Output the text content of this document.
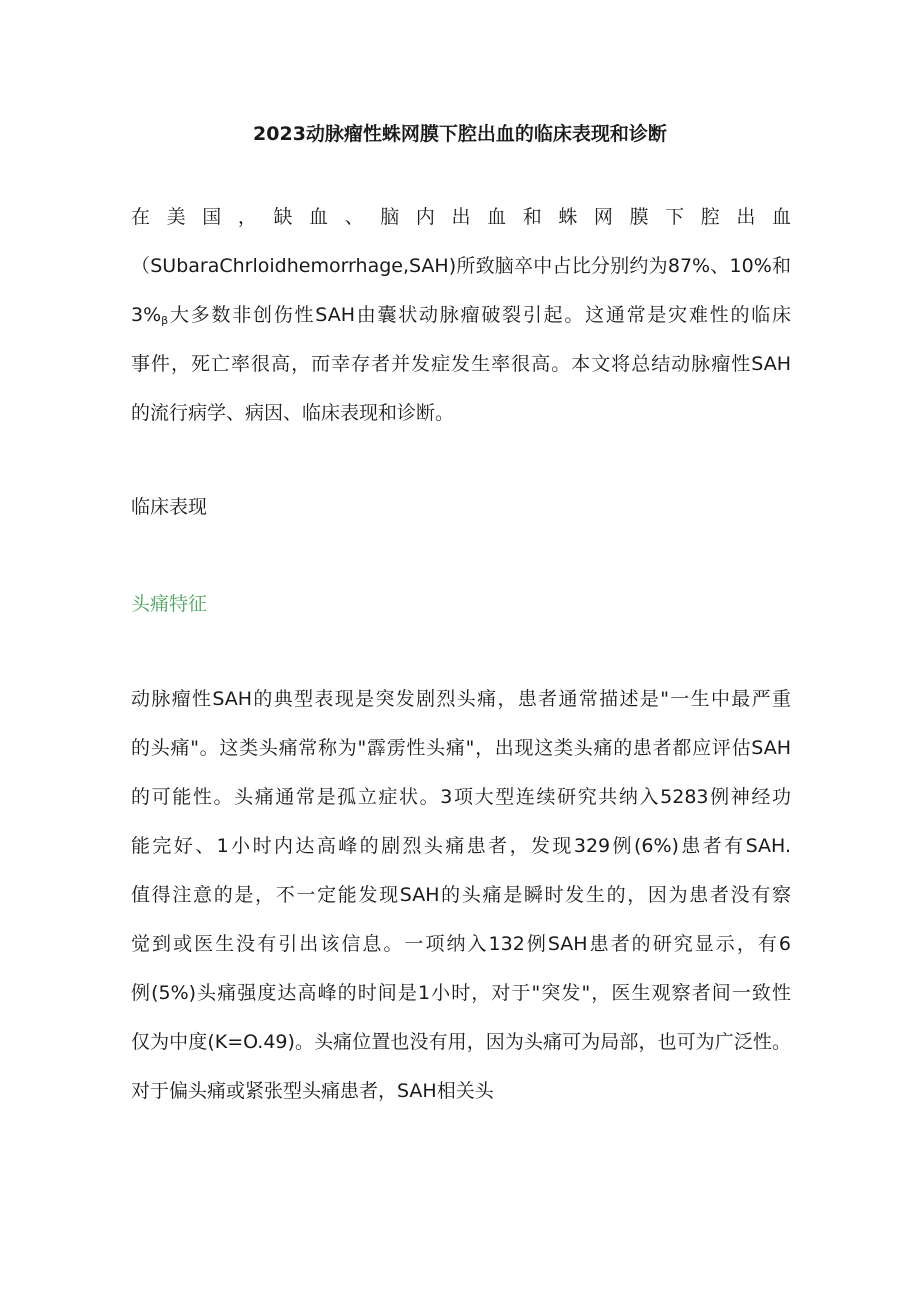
2023动脉瘤性蛛网膜下腔出血的临床表现和诊断
在 美 国 ， 缺 血 、 脑 内 出 血 和 蛛 网 膜 下 腔 出 血
（SUbaraChrloidhemorrhage,SAH)所致脑卒中占比分别约为87%、10%和
$3\%_\beta$大多数非创伤性SAH由囊状动脉瘤破裂引起。这通常是灾难性的临床
事件，死亡率很高，而幸存者并发症发生率很高。本文将总结动脉瘤性SAH
的流行病学、病因、临床表现和诊断。
临床表现
头痛特征
动脉瘤性SAH的典型表现是突发剧烈头痛，患者通常描述是"一生中最严重
的头痛"。这类头痛常称为"霹雳性头痛"，出现这类头痛的患者都应评估SAH
的可能性。头痛通常是孤立症状。3项大型连续研究共纳入5283例神经功
能完好、1小时内达高峰的剧烈头痛患者，发现329例(6%)患者有SAH.
值得注意的是，不一定能发现SAH的头痛是瞬时发生的，因为患者没有察
觉到或医生没有引出该信息。一项纳入132例SAH患者的研究显示，有6
例(5%)头痛强度达高峰的时间是1小时，对于"突发"，医生观察者间一致性
仅为中度(K=O.49)。头痛位置也没有用，因为头痛可为局部，也可为广泛性。
对于偏头痛或紧张型头痛患者，SAH相关头
